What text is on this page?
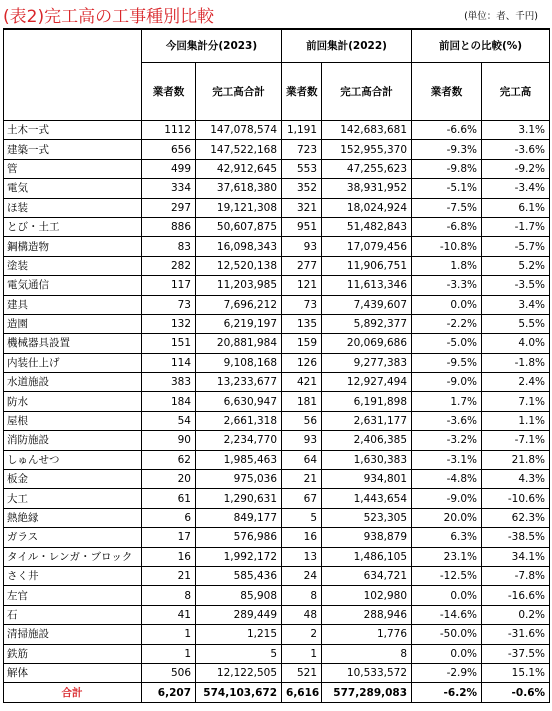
(表2)完工高の工事種別比較	(単位：者、千円)
	今回集計分(2023)		前回集計(2022)		前回との比較(%)	
	業者数	完工高合計	業者数	完工高合計	業者数	完工高
土木一式	1112	147,078,574	1,191	142,683,681	-6.6%	3.1%
建築一式	656	147,522,168	723	152,955,370	-9.3%	-3.6%
管	499	42,912,645	553	47,255,623	-9.8%	-9.2%
電気	334	37,618,380	352	38,931,952	-5.1%	-3.4%
ほ装	297	19,121,308	321	18,024,924	-7.5%	6.1%
とび・土工	886	50,607,875	951	51,482,843	-6.8%	-1.7%
鋼構造物	83	16,098,343	93	17,079,456	-10.8%	-5.7%
塗装	282	12,520,138	277	11,906,751	1.8%	5.2%
電気通信	117	11,203,985	121	11,613,346	-3.3%	-3.5%
建具	73	7,696,212	73	7,439,607	0.0%	3.4%
造園	132	6,219,197	135	5,892,377	-2.2%	5.5%
機械器具設置	151	20,881,984	159	20,069,686	-5.0%	4.0%
内装仕上げ	114	9,108,168	126	9,277,383	-9.5%	-1.8%
水道施設	383	13,233,677	421	12,927,494	-9.0%	2.4%
防水	184	6,630,947	181	6,191,898	1.7%	7.1%
屋根	54	2,661,318	56	2,631,177	-3.6%	1.1%
消防施設	90	2,234,770	93	2,406,385	-3.2%	-7.1%
しゅんせつ	62	1,985,463	64	1,630,383	-3.1%	21.8%
板金	20	975,036	21	934,801	-4.8%	4.3%
大工	61	1,290,631	67	1,443,654	-9.0%	-10.6%
熱絶縁	6	849,177	5	523,305	20.0%	62.3%
ガラス	17	576,986	16	938,879	6.3%	-38.5%
タイル・レンガ・ブロック	16	1,992,172	13	1,486,105	23.1%	34.1%
さく井	21	585,436	24	634,721	-12.5%	-7.8%
左官	8	85,908	8	102,980	0.0%	-16.6%
石	41	289,449	48	288,946	-14.6%	0.2%
清掃施設	1	1,215	2	1,776	-50.0%	-31.6%
鉄筋	1	5	1	8	0.0%	-37.5%
解体	506	12,122,505	521	10,533,572	-2.9%	15.1%
合計	6,207	574,103,672	6,616	577,289,083	-6.2%	-0.6%
